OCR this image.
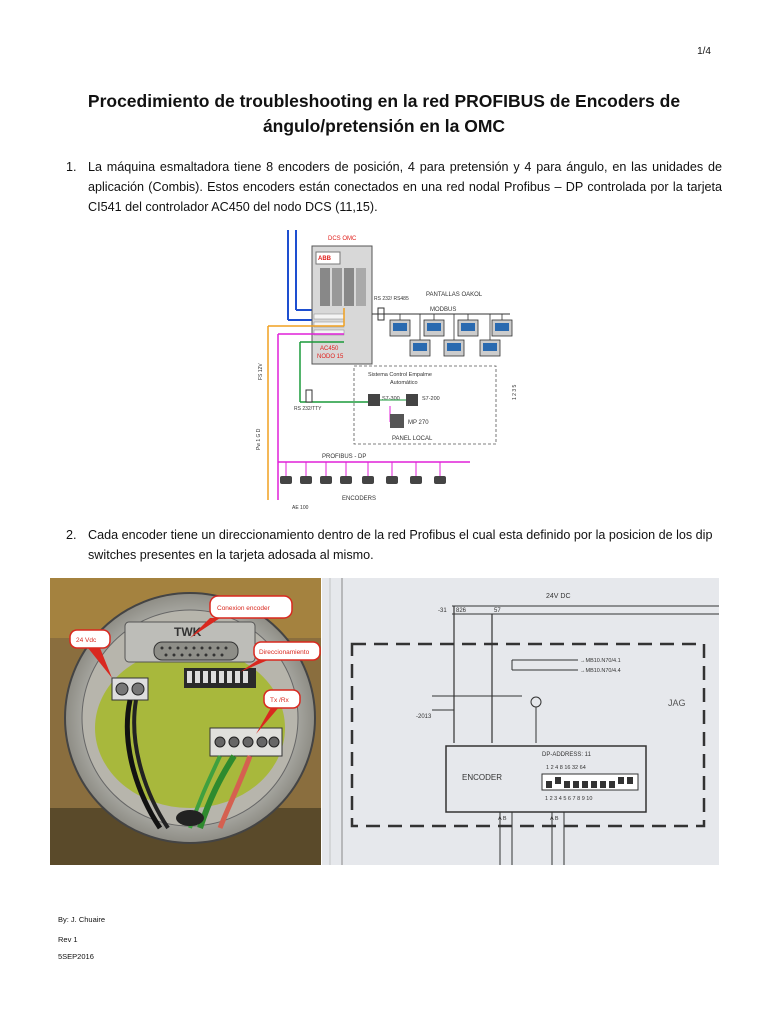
1/4
Procedimiento de troubleshooting en la red PROFIBUS de Encoders de ángulo/pretensión en la OMC
1. La máquina esmaltadora tiene 8 encoders de posición, 4 para pretensión y 4 para ángulo, en las unidades de aplicación (Combis). Estos encoders están conectados en una red nodal Profibus – DP controlada por la tarjeta CI541 del controlador AC450 del nodo DCS (11,15).
DCS OMC
ABB
AC450
NODO 15
PROFIBUS - DP
ENCODERS
AE 100
RS 232/TTY
RS 232/ RS485
PANTALLAS OAKOL
MODBUS
Sistema Control Empalme
Automático
S7-300	S7-200
MP 270
PANEL LOCAL
Pw 1 G D
FS 12V
1 2 3 5
2. Cada encoder tiene un direccionamiento dentro de la red Profibus el cual esta definido por la posicion de los dip switches presentes en la tarjeta adosada al mismo.
TWK
Conexion encoder
24 Vdc
Direccionamiento
Tx /Rx
24V DC
-31 826	57
→MB10.N70/4.1
→MB10.N70/4.4
JAG
-2013
ENCODER
DP-ADDRESS: 11
1 2 4 8 16 32 64
1 2 3 4 5 6 7 8 9 10
A B	A B
By: J. Chuaire
Rev 1
5SEP2016
